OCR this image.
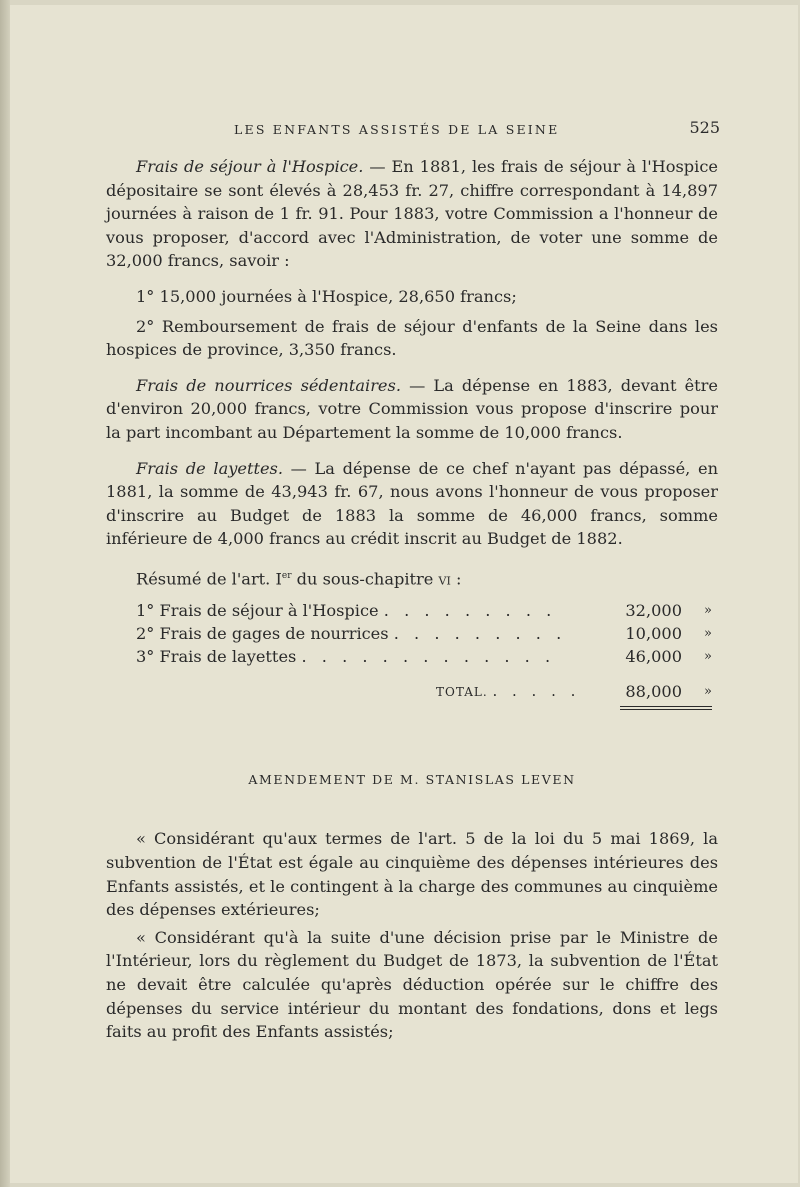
LES ENFANTS ASSISTÉS DE LA SEINE	525

Frais de séjour à l'Hospice. — En 1881, les frais de séjour à l'Hospice dépositaire se sont élevés à 28,453 fr. 27, chiffre correspondant à 14,897 journées à raison de 1 fr. 91. Pour 1883, votre Commission a l'honneur de vous proposer, d'accord avec l'Administration, de voter une somme de 32,000 francs, savoir :

1° 15,000 journées à l'Hospice, 28,650 francs;

2° Remboursement de frais de séjour d'enfants de la Seine dans les hospices de province, 3,350 francs.

Frais de nourrices sédentaires. — La dépense en 1883, devant être d'environ 20,000 francs, votre Commission vous propose d'inscrire pour la part incombant au Département la somme de 10,000 francs.

Frais de layettes. — La dépense de ce chef n'ayant pas dépassé, en 1881, la somme de 43,943 fr. 67, nous avons l'honneur de vous proposer d'inscrire au Budget de 1883 la somme de 46,000 francs, somme inférieure de 4,000 francs au crédit inscrit au Budget de 1882.

Résumé de l'art. Ier du sous-chapitre vi :
1° Frais de séjour à l'Hospice . . . . . . . . .	32,000 »
2° Frais de gages de nourrices . . . . . . . . .	10,000 »
3° Frais de layettes . . . . . . . . . . . . .	46,000 »
TOTAL. . . . . .	88,000 »
AMENDEMENT DE M. STANISLAS LEVEN

« Considérant qu'aux termes de l'art. 5 de la loi du 5 mai 1869, la subvention de l'État est égale au cinquième des dépenses intérieures des Enfants assistés, et le contingent à la charge des communes au cinquième des dépenses extérieures;

« Considérant qu'à la suite d'une décision prise par le Ministre de l'Intérieur, lors du règlement du Budget de 1873, la subvention de l'État ne devait être calculée qu'après déduction opérée sur le chiffre des dépenses du service intérieur du montant des fondations, dons et legs faits au profit des Enfants assistés;
